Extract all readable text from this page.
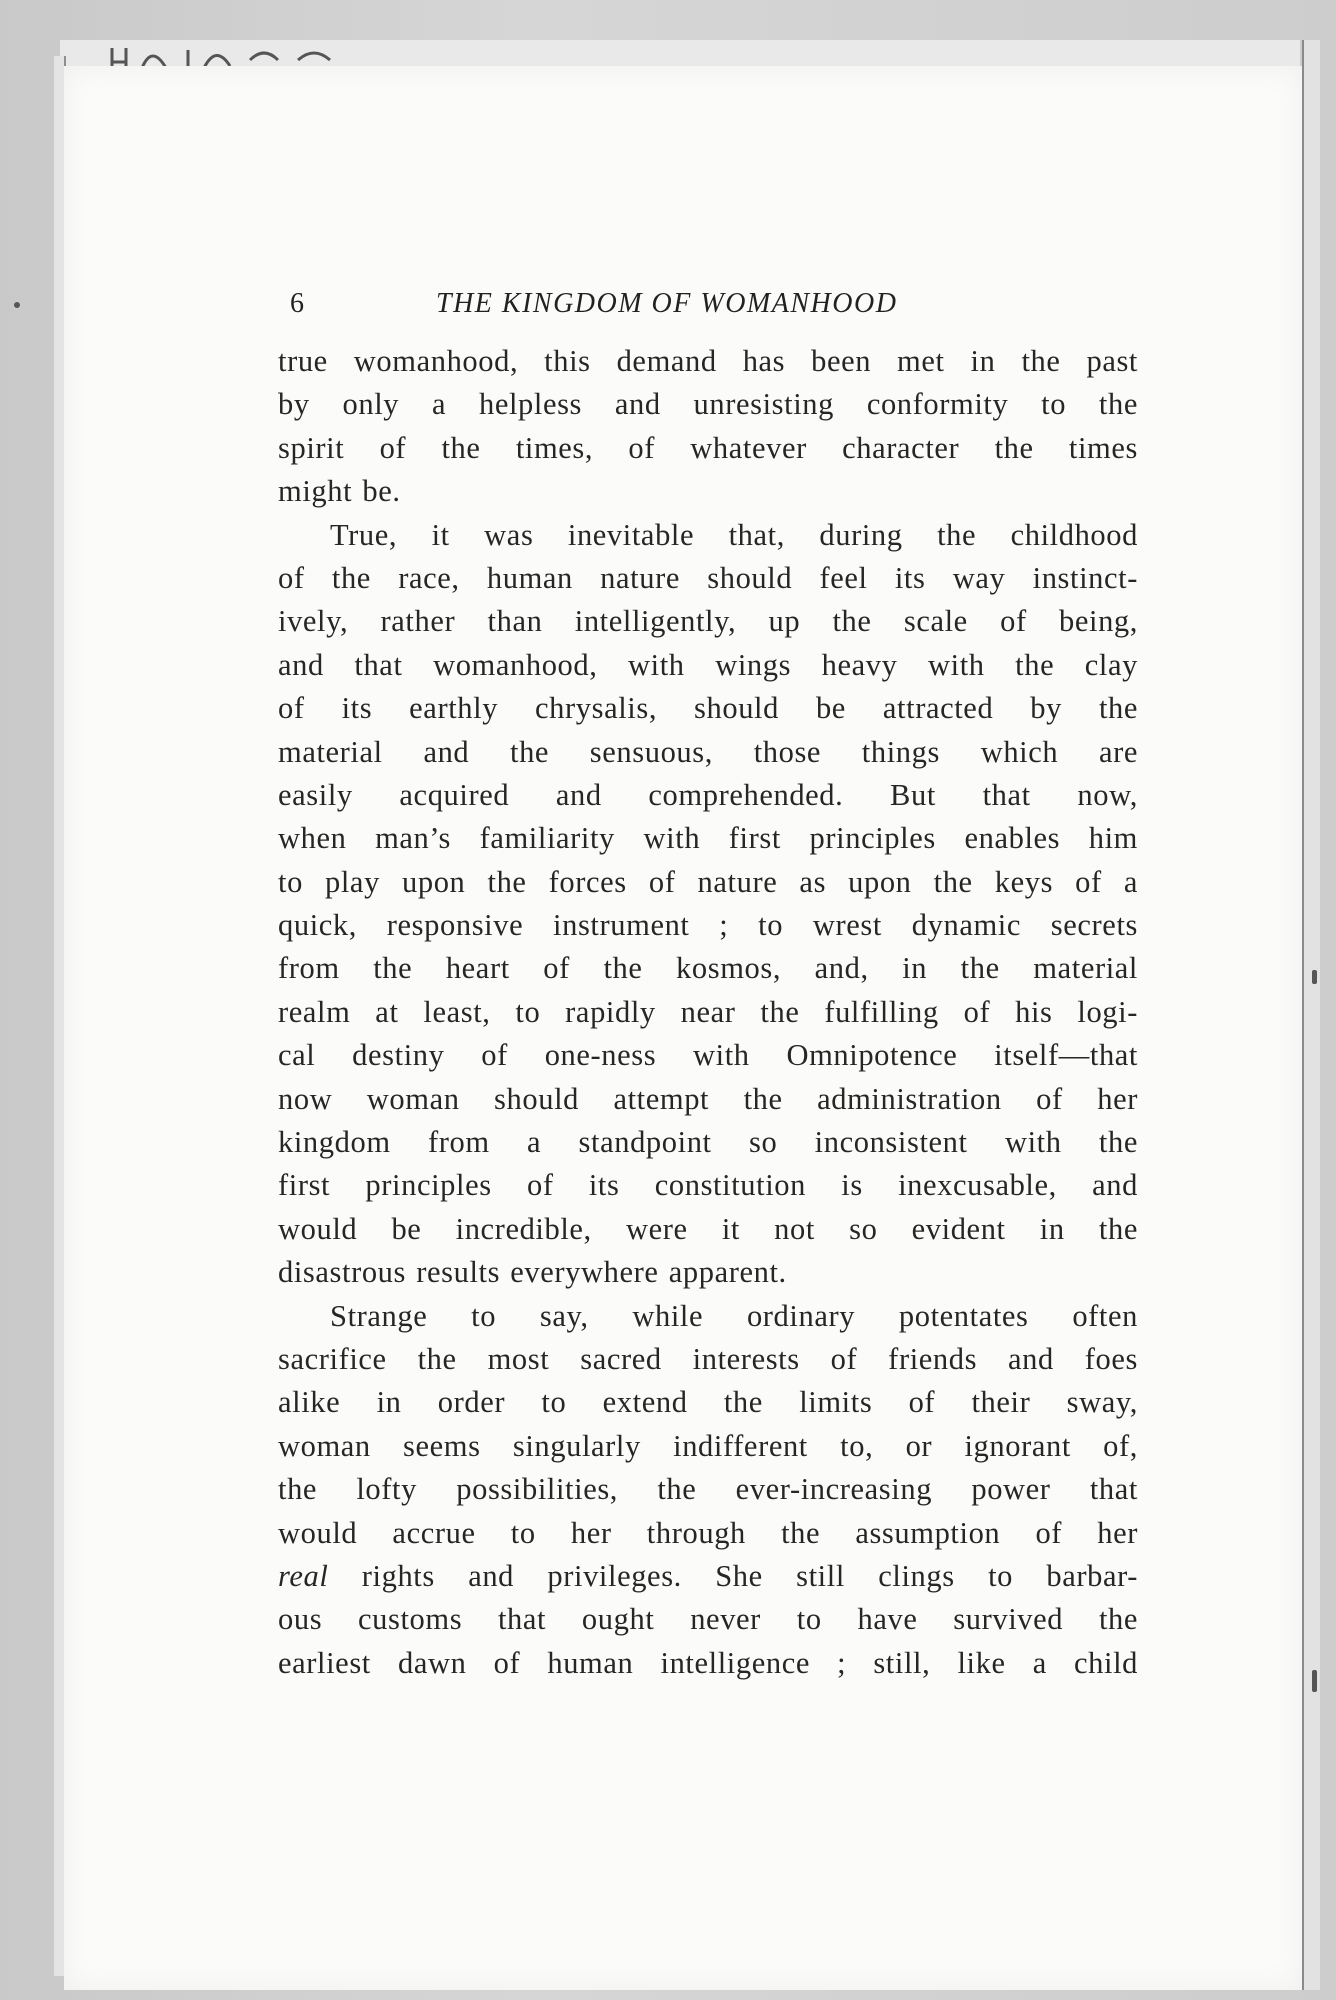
6	THE KINGDOM OF WOMANHOOD
true womanhood, this demand has been met in the past
by only a helpless and unresisting conformity to the
spirit of the times, of whatever character the times
might be.
True, it was inevitable that, during the childhood
of the race, human nature should feel its way instinct-
ively, rather than intelligently, up the scale of being,
and that womanhood, with wings heavy with the clay
of its earthly chrysalis, should be attracted by the
material and the sensuous, those things which are
easily acquired and comprehended. But that now,
when man’s familiarity with first principles enables him
to play upon the forces of nature as upon the keys of a
quick, responsive instrument ; to wrest dynamic secrets
from the heart of the kosmos, and, in the material
realm at least, to rapidly near the fulfilling of his logi-
cal destiny of one-ness with Omnipotence itself—that
now woman should attempt the administration of her
kingdom from a standpoint so inconsistent with the
first principles of its constitution is inexcusable, and
would be incredible, were it not so evident in the
disastrous results everywhere apparent.
Strange to say, while ordinary potentates often
sacrifice the most sacred interests of friends and foes
alike in order to extend the limits of their sway,
woman seems singularly indifferent to, or ignorant of,
the lofty possibilities, the ever-increasing power that
would accrue to her through the assumption of her
real rights and privileges. She still clings to barbar-
ous customs that ought never to have survived the
earliest dawn of human intelligence ; still, like a child
